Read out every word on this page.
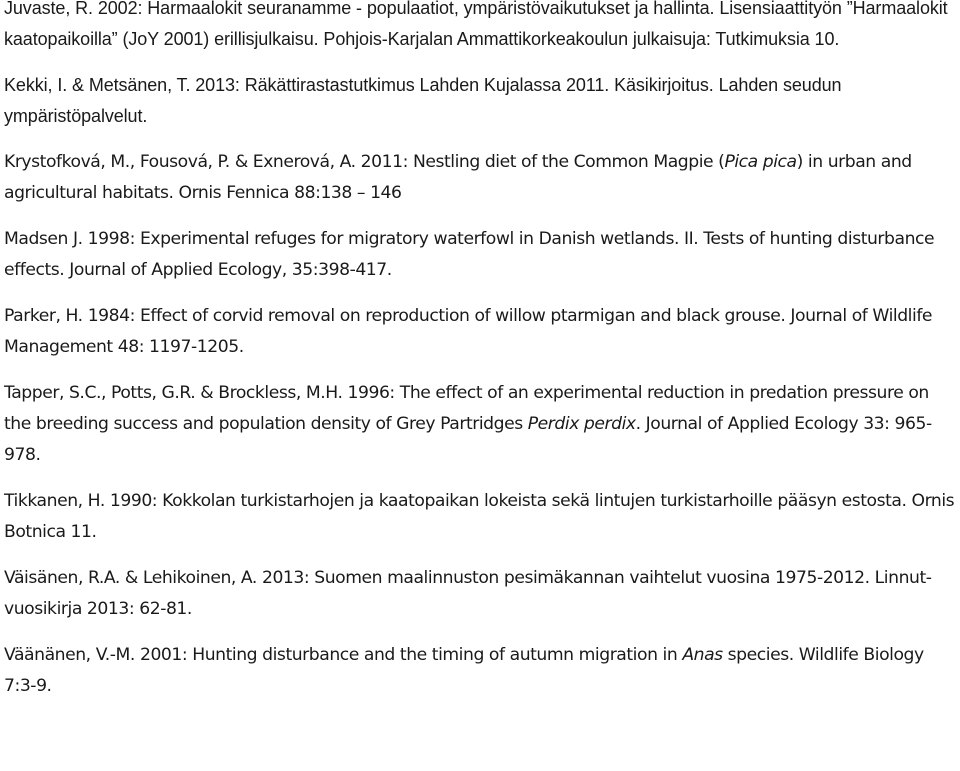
Juvaste, R. 2002: Harmaalokit seuranamme - populaatiot, ympäristövaikutukset ja hallinta. Lisensiaattityön ”Harmaalokit kaatopaikoilla” (JoY 2001) erillisjulkaisu. Pohjois-Karjalan Ammattikorkeakoulun julkaisuja: Tutkimuksia 10.

Kekki, I. & Metsänen, T. 2013: Räkättirastastutkimus Lahden Kujalassa 2011. Käsikirjoitus. Lahden seudun ympäristöpalvelut.

Krystofková, M., Fousová, P. & Exnerová, A. 2011: Nestling diet of the Common Magpie (Pica pica) in urban and agricultural habitats. Ornis Fennica 88:138 – 146

Madsen J. 1998: Experimental refuges for migratory waterfowl in Danish wetlands. II. Tests of hunting disturbance effects. Journal of Applied Ecology, 35:398-417.

Parker, H. 1984: Effect of corvid removal on reproduction of willow ptarmigan and black grouse. Journal of Wildlife Management 48: 1197-1205.

Tapper, S.C., Potts, G.R. & Brockless, M.H. 1996: The effect of an experimental reduction in predation pressure on the breeding success and population density of Grey Partridges Perdix perdix. Journal of Applied Ecology 33: 965-978.

Tikkanen, H. 1990: Kokkolan turkistarhojen ja kaatopaikan lokeista sekä lintujen turkistarhoille pääsyn estosta. Ornis Botnica 11.

Väisänen, R.A. & Lehikoinen, A. 2013: Suomen maalinnuston pesimäkannan vaihtelut vuosina 1975-2012. Linnut-vuosikirja 2013: 62-81.

Väänänen, V.-M. 2001: Hunting disturbance and the timing of autumn migration in Anas species. Wildlife Biology 7:3-9.
